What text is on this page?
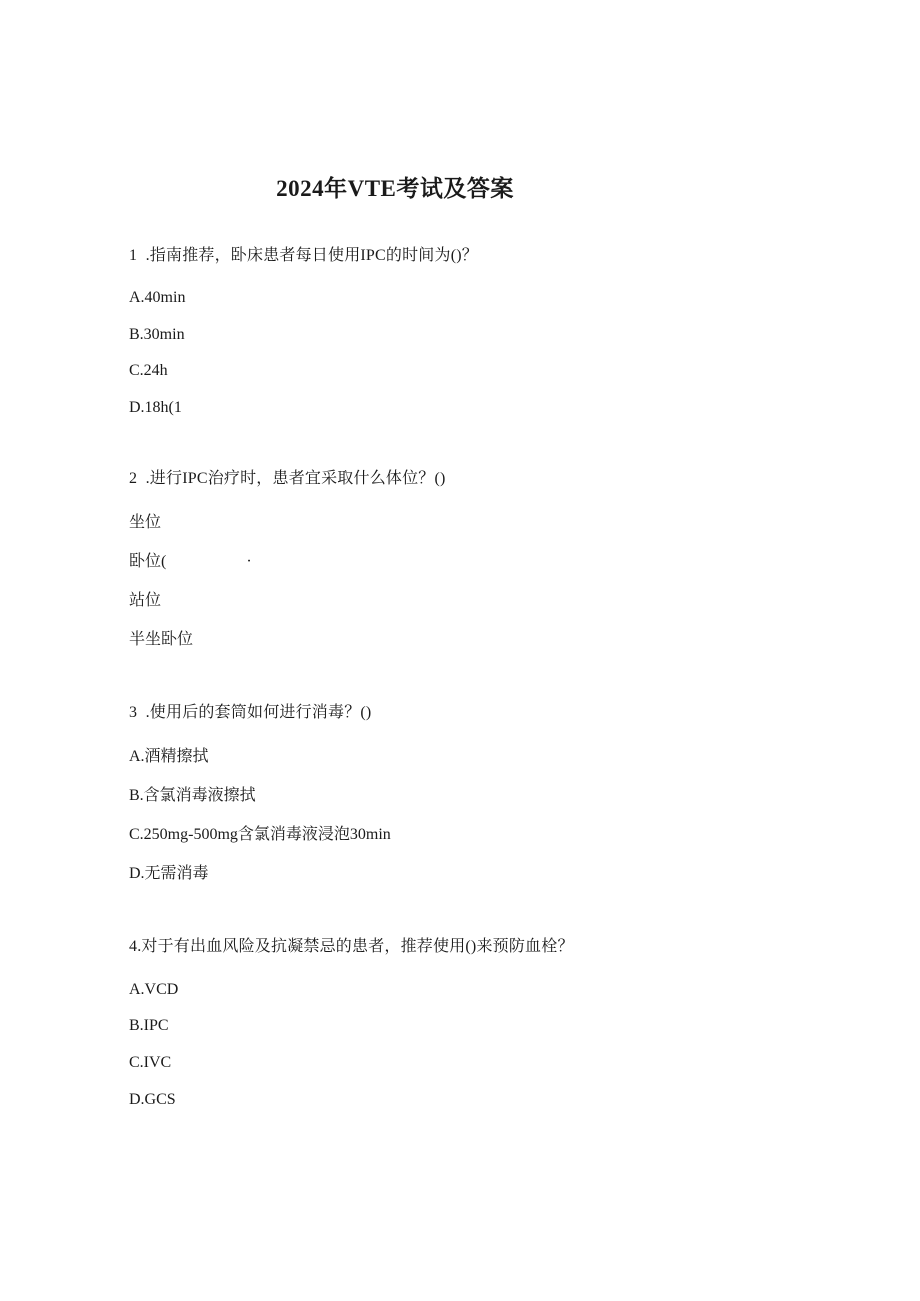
2024年VTE考试及答案
1  .指南推荐，卧床患者每日使用IPC的时间为()？
A.40min
B.30min
C.24h
D.18h(1
2  .进行IPC治疗时，患者宜采取什么体位？()
坐位
卧位(                    ·
站位
半坐卧位
3  .使用后的套筒如何进行消毒？()
A.酒精擦拭
B.含氯消毒液擦拭
C.250mg-500mg含氯消毒液浸泡30min
D.无需消毒
4.对于有出血风险及抗凝禁忌的患者，推荐使用()来预防血栓？
A.VCD
B.IPC
C.IVC
D.GCS
